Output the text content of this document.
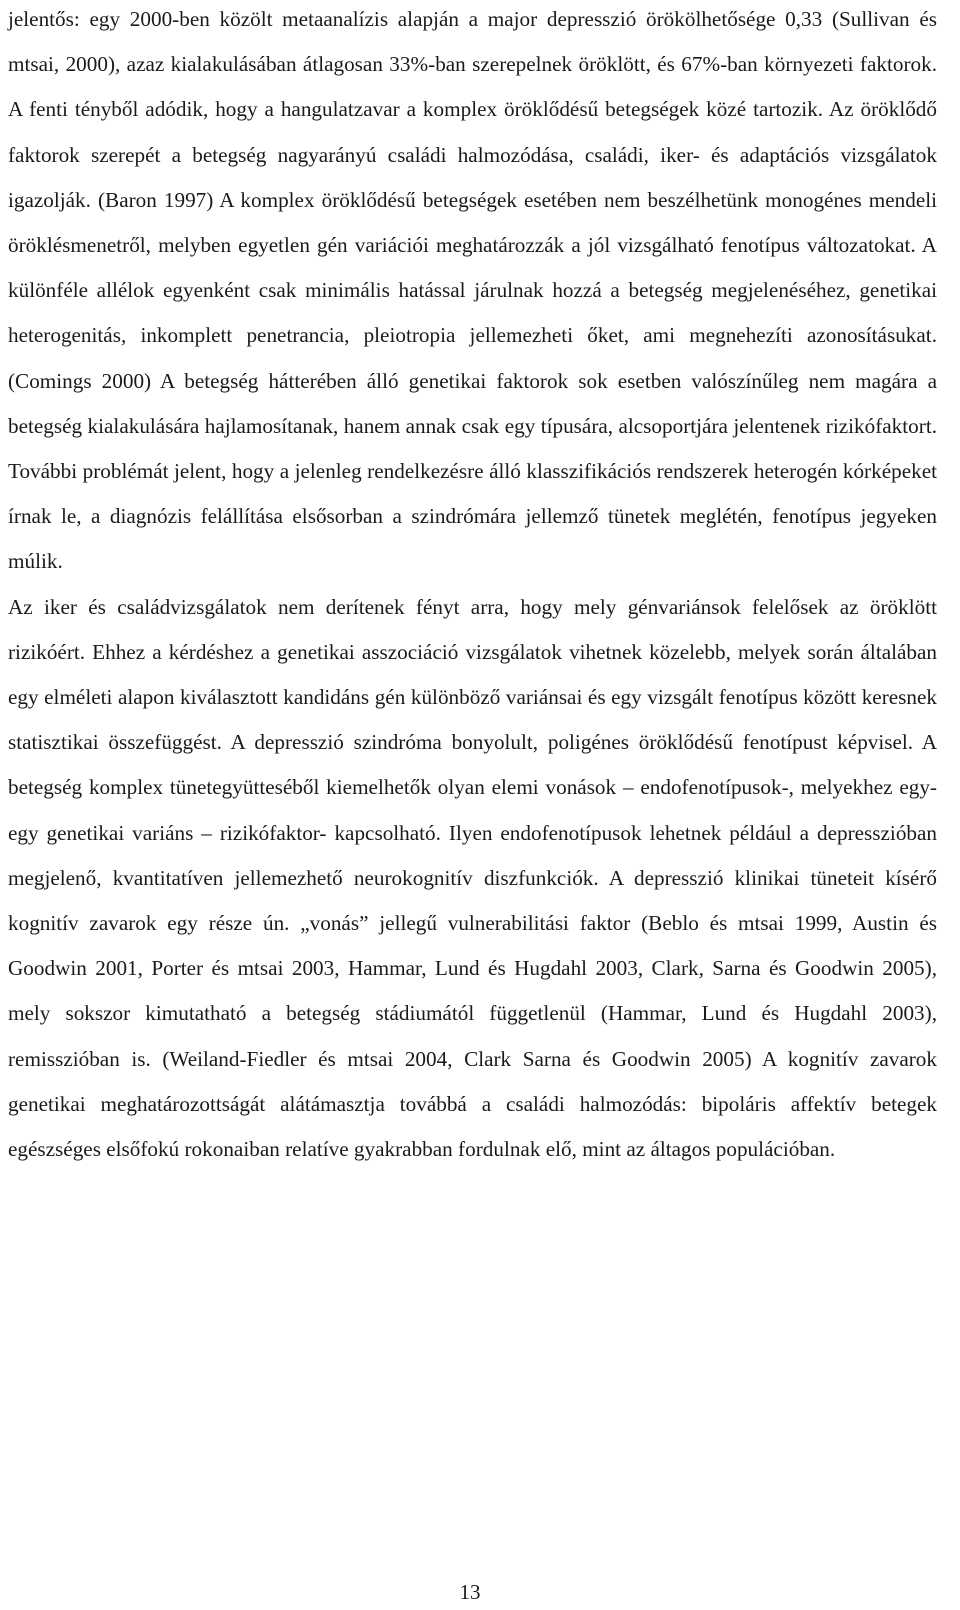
jelentős: egy 2000-ben közölt metaanalízis alapján a major depresszió örökölhetősége 0,33 (Sullivan és mtsai, 2000), azaz kialakulásában átlagosan 33%-ban szerepelnek öröklött, és 67%-ban környezeti faktorok. A fenti tényből adódik, hogy a hangulatzavar a komplex öröklődésű betegségek közé tartozik. Az öröklődő faktorok szerepét a betegség nagyarányú családi halmozódása, családi, iker- és adaptációs vizsgálatok igazolják. (Baron 1997) A komplex öröklődésű betegségek esetében nem beszélhetünk monogénes mendeli öröklésmenetről, melyben egyetlen gén variációi meghatározzák a jól vizsgálható fenotípus változatokat. A különféle allélok egyenként csak minimális hatással járulnak hozzá a betegség megjelenéséhez, genetikai heterogenitás, inkomplett penetrancia, pleiotropia jellemezheti őket, ami megnehezíti azonosításukat. (Comings 2000) A betegség hátterében álló genetikai faktorok sok esetben valószínűleg nem magára a betegség kialakulására hajlamosítanak, hanem annak csak egy típusára, alcsoportjára jelentenek rizikófaktort. További problémát jelent, hogy a jelenleg rendelkezésre álló klasszifikációs rendszerek heterogén kórképeket írnak le, a diagnózis felállítása elsősorban a szindrómára jellemző tünetek meglétén, fenotípus jegyeken múlik.

Az iker és családvizsgálatok nem derítenek fényt arra, hogy mely génvariánsok felelősek az öröklött rizikóért. Ehhez a kérdéshez a genetikai asszociáció vizsgálatok vihetnek közelebb, melyek során általában egy elméleti alapon kiválasztott kandidáns gén különböző variánsai és egy vizsgált fenotípus között keresnek statisztikai összefüggést. A depresszió szindróma bonyolult, poligénes öröklődésű fenotípust képvisel. A betegség komplex tünetegyütteséből kiemelhetők olyan elemi vonások – endofenotípusok-, melyekhez egy-egy genetikai variáns – rizikófaktor- kapcsolható. Ilyen endofenotípusok lehetnek például a depresszióban megjelenő, kvantitatíven jellemezhető neurokognitív diszfunkciók. A depresszió klinikai tüneteit kísérő kognitív zavarok egy része ún. „vonás” jellegű vulnerabilitási faktor (Beblo és mtsai 1999, Austin és Goodwin 2001, Porter és mtsai 2003, Hammar, Lund és Hugdahl 2003, Clark, Sarna és Goodwin 2005), mely sokszor kimutatható a betegség stádiumától függetlenül (Hammar, Lund és Hugdahl 2003), remisszióban is. (Weiland-Fiedler és mtsai 2004, Clark Sarna és Goodwin 2005) A kognitív zavarok genetikai meghatározottságát alátámasztja továbbá a családi halmozódás: bipoláris affektív betegek egészséges elsőfokú rokonaiban relatíve gyakrabban fordulnak elő, mint az áltagos populációban.

13
